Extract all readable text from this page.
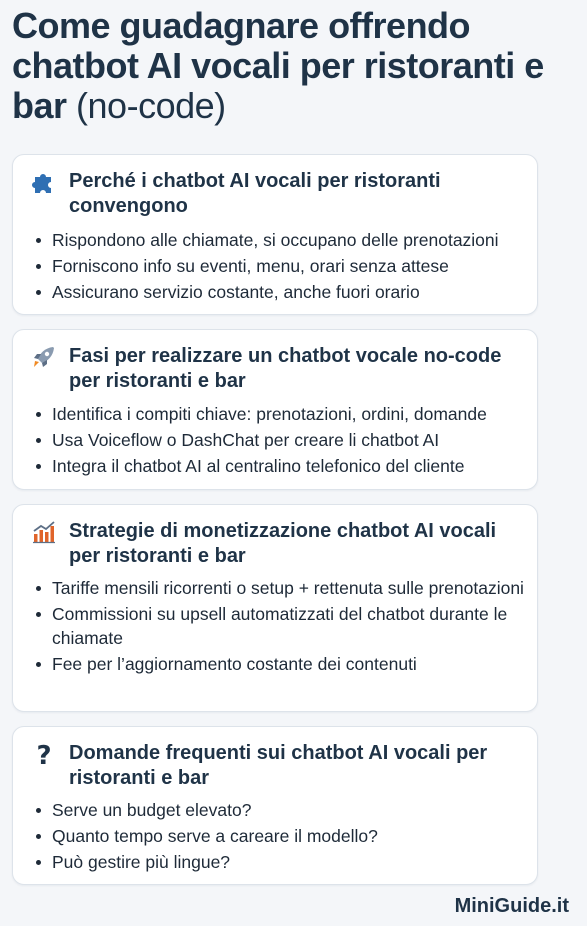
Come guadagnare offrendo chatbot AI vocali per ristoranti e bar (no-code)
Perché i chatbot AI vocali per ristoranti convengono
Rispondono alle chiamate, si occupano delle prenotazioni
Forniscono info su eventi, menu, orari senza attese
Assicurano servizio costante, anche fuori orario
Fasi per realizzare un chatbot vocale no-code per ristoranti e bar
Identifica i compiti chiave: prenotazioni, ordini, domande
Usa Voiceflow o DashChat per creare li chatbot AI
Integra il chatbot AI al centralino telefonico del cliente
Strategie di monetizzazione chatbot AI vocali per ristoranti e bar
Tariffe mensili ricorrenti o setup + rettenuta sulle prenotazioni
Commissioni su upsell automatizzati del chatbot durante le chiamate
Fee per l’aggiornamento costante dei contenuti
? Domande frequenti sui chatbot AI vocali per ristoranti e bar
Serve un budget elevato?
Quanto tempo serve a careare il modello?
Può gestire più lingue?

MiniGuide.it
